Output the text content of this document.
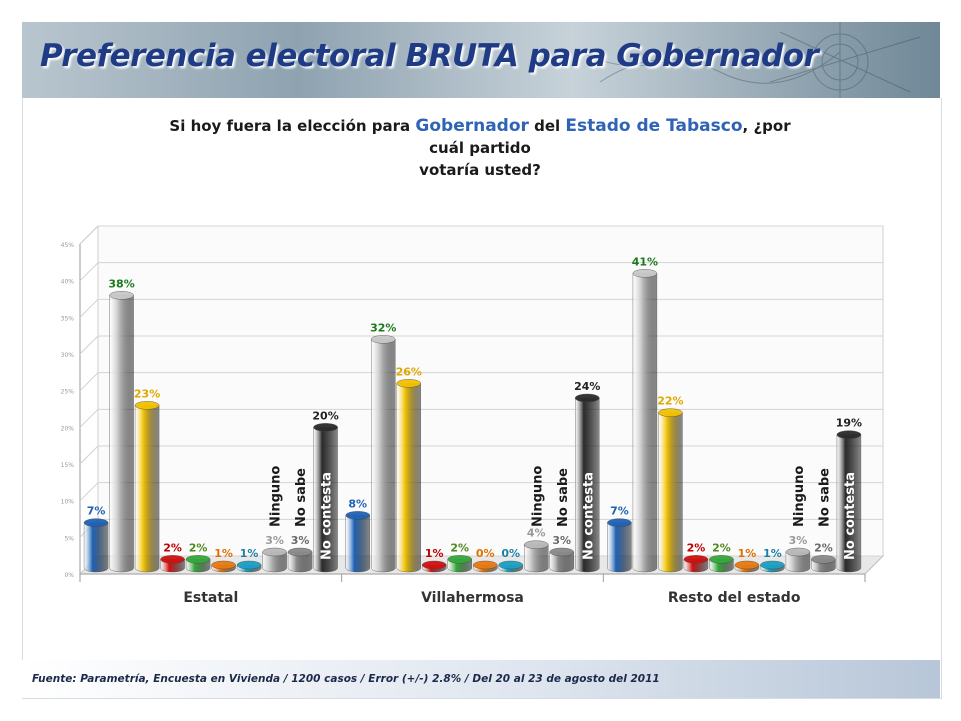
Preferencia electoral BRUTA para Gobernador
Si hoy fuera la elección para Gobernador del Estado de Tabasco, ¿por cuál partido
votaría usted?
0%
5%
10%
15%
20%
25%
30%
35%
40%
45%
7%
38%
23%
2% 2% 1% 1%
3% 3%
20%
Ninguno No sabe No contesta
Estatal
8%
32%
26%
1% 2% 0% 0%
4%
3%
24%
Ninguno No sabe No contesta
Villahermosa
7%
41%
22%
2% 2% 1% 1%
3%
2%
19%
Ninguno No sabe No contesta
Resto del estado
Fuente: Parametría, Encuesta en Vivienda / 1200 casos / Error (+/-) 2.8% / Del 20 al 23 de agosto del 2011
